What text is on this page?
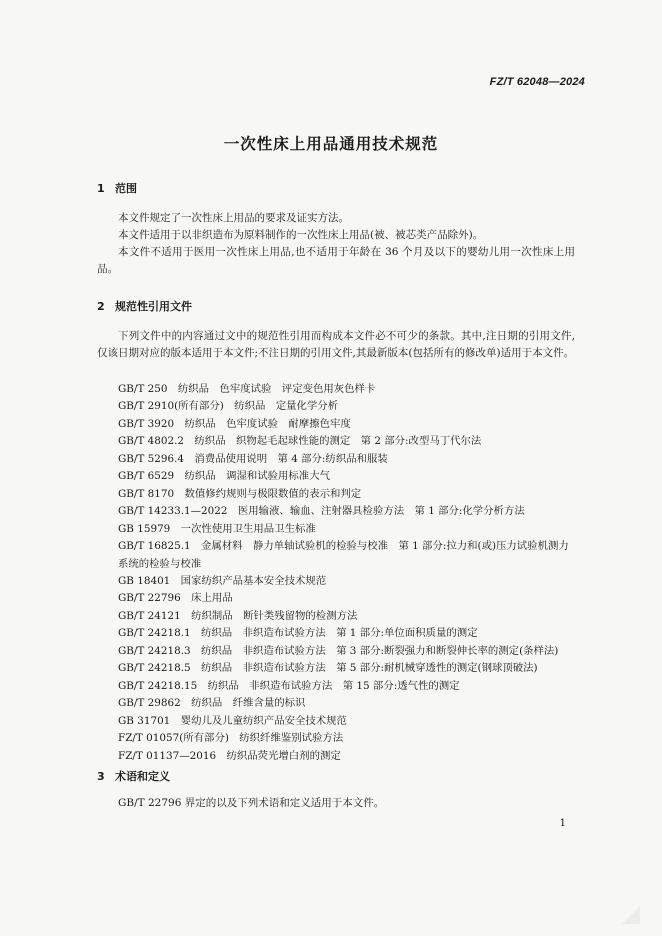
FZ/T 62048—2024
一次性床上用品通用技术规范
1 范围
本文件规定了一次性床上用品的要求及证实方法。
本文件适用于以非织造布为原料制作的一次性床上用品(被、被芯类产品除外)。
本文件不适用于医用一次性床上用品,也不适用于年龄在 36 个月及以下的婴幼儿用一次性床上用品。
2 规范性引用文件
下列文件中的内容通过文中的规范性引用而构成本文件必不可少的条款。其中,注日期的引用文件,仅该日期对应的版本适用于本文件;不注日期的引用文件,其最新版本(包括所有的修改单)适用于本文件。
GB/T 250　纺织品　色牢度试验　评定变色用灰色样卡
GB/T 2910(所有部分)　纺织品　定量化学分析
GB/T 3920　纺织品　色牢度试验　耐摩擦色牢度
GB/T 4802.2　纺织品　织物起毛起球性能的测定　第 2 部分:改型马丁代尔法
GB/T 5296.4　消费品使用说明　第 4 部分:纺织品和服装
GB/T 6529　纺织品　调湿和试验用标准大气
GB/T 8170　数值修约规则与极限数值的表示和判定
GB/T 14233.1—2022　医用输液、输血、注射器具检验方法　第 1 部分:化学分析方法
GB 15979　一次性使用卫生用品卫生标准
GB/T 16825.1　金属材料　静力单轴试验机的检验与校准　第 1 部分:拉力和(或)压力试验机测力系统的检验与校准
GB 18401　国家纺织产品基本安全技术规范
GB/T 22796　床上用品
GB/T 24121　纺织制品　断针类残留物的检测方法
GB/T 24218.1　纺织品　非织造布试验方法　第 1 部分:单位面积质量的测定
GB/T 24218.3　纺织品　非织造布试验方法　第 3 部分:断裂强力和断裂伸长率的测定(条样法)
GB/T 24218.5　纺织品　非织造布试验方法　第 5 部分:耐机械穿透性的测定(钢球顶破法)
GB/T 24218.15　纺织品　非织造布试验方法　第 15 部分:透气性的测定
GB/T 29862　纺织品　纤维含量的标识
GB 31701　婴幼儿及儿童纺织产品安全技术规范
FZ/T 01057(所有部分)　纺织纤维鉴别试验方法
FZ/T 01137—2016　纺织品荧光增白剂的测定
3 术语和定义
GB/T 22796 界定的以及下列术语和定义适用于本文件。
1
